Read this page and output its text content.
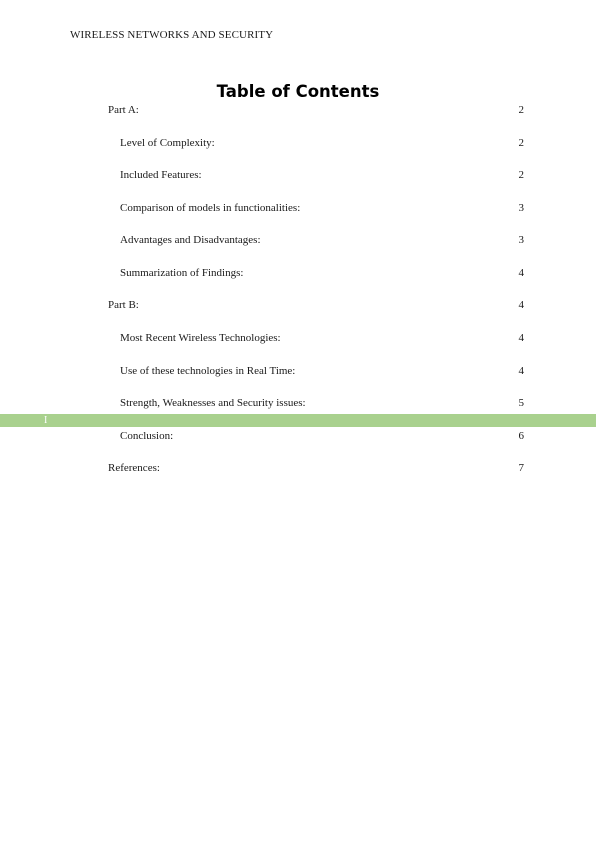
WIRELESS NETWORKS AND SECURITY
Table of Contents
Part A:	2
Level of Complexity:	2
Included Features:	2
Comparison of models in functionalities:	3
Advantages and Disadvantages:	3
Summarization of Findings:	4
Part B:	4
Most Recent Wireless Technologies:	4
Use of these technologies in Real Time:	4
Strength, Weaknesses and Security issues:	5
Conclusion:	6
References:	7
I
